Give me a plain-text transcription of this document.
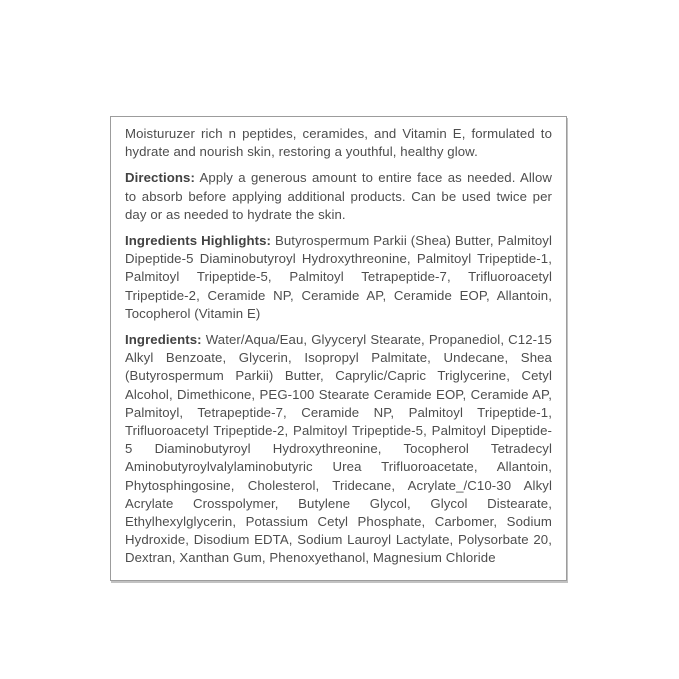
Moisturuzer rich n peptides, ceramides, and Vitamin E, formulated to hydrate and nourish skin, restoring a youthful, healthy glow.

Directions: Apply a generous amount to entire face as needed. Allow to absorb before applying additional products. Can be used twice per day or as needed to hydrate the skin.

Ingredients Highlights: Butyrospermum Parkii (Shea) Butter, Palmitoyl Dipeptide-5 Diaminobutyroyl Hydroxythreonine, Palmitoyl Tripeptide-1, Palmitoyl Tripeptide-5, Palmitoyl Tetrapeptide-7, Trifluoroacetyl Tripeptide-2, Ceramide NP, Ceramide AP, Ceramide EOP, Allantoin, Tocopherol (Vitamin E)

Ingredients: Water/Aqua/Eau, Glyyceryl Stearate, Propanediol, C12-15 Alkyl Benzoate, Glycerin, Isopropyl Palmitate, Undecane, Shea (Butyrospermum Parkii) Butter, Caprylic/Capric Triglycerine, Cetyl Alcohol, Dimethicone, PEG-100 Stearate Ceramide EOP, Ceramide AP, Palmitoyl, Tetrapeptide-7, Ceramide NP, Palmitoyl Tripeptide-1, Trifluoroacetyl Tripeptide-2, Palmitoyl Tripeptide-5, Palmitoyl Dipeptide-5 Diaminobutyroyl Hydroxythreonine, Tocopherol Tetradecyl Aminobutyroylvalylaminobutyric Urea Trifluoroacetate, Allantoin, Phytosphingosine, Cholesterol, Tridecane, Acrylate_/C10-30 Alkyl Acrylate Crosspolymer, Butylene Glycol, Glycol Distearate, Ethylhexylglycerin, Potassium Cetyl Phosphate, Carbomer, Sodium Hydroxide, Disodium EDTA, Sodium Lauroyl Lactylate, Polysorbate 20, Dextran, Xanthan Gum, Phenoxyethanol, Magnesium Chloride
